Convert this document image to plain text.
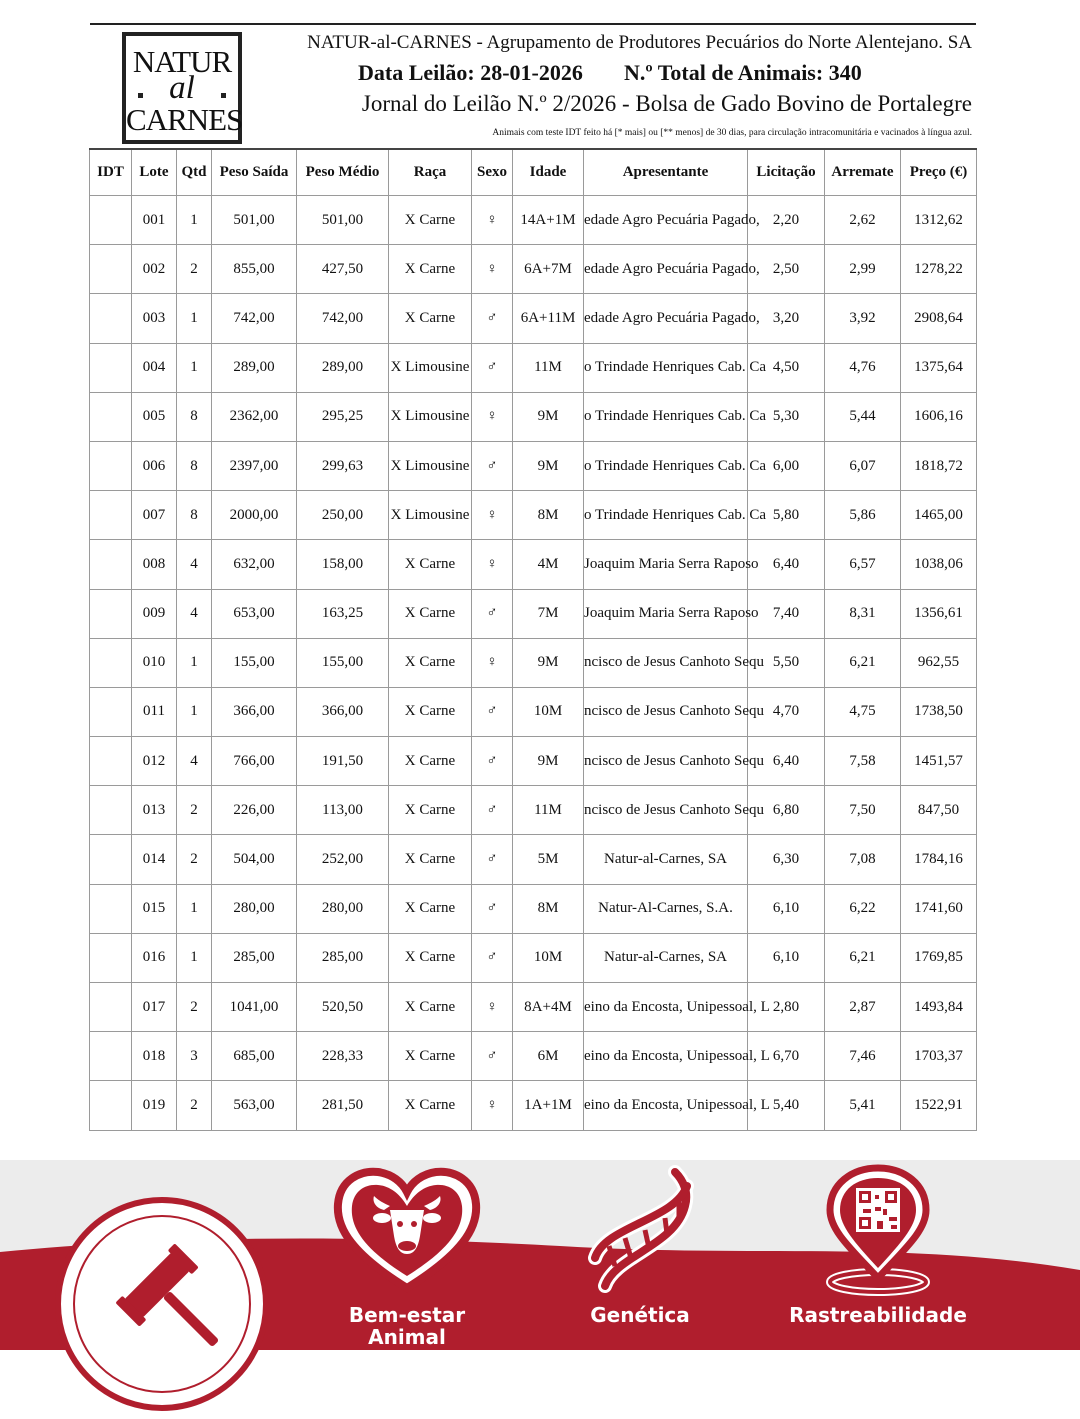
NATUR
al
CARNES
NATUR-al-CARNES - Agrupamento de Produtores Pecuários do Norte Alentejano. SA
Data Leilão: 28-01-2026 N.º Total de Animais: 340
Jornal do Leilão N.º 2/2026 - Bolsa de Gado Bovino de Portalegre
Animais com teste IDT feito há [* mais] ou [** menos] de 30 dias, para circulação intracomunitária e vacinados à língua azul.
IDT	Lote	Qtd	Peso Saída	Peso Médio	Raça	Sexo	Idade	Apresentante	Licitação	Arremate	Preço (€)
	001	1	501,00	501,00	X Carne	♀	14A+1M	edade Agro Pecuária Pagado,	2,20	2,62	1312,62
	002	2	855,00	427,50	X Carne	♀	6A+7M	edade Agro Pecuária Pagado,	2,50	2,99	1278,22
	003	1	742,00	742,00	X Carne	♂	6A+11M	edade Agro Pecuária Pagado,	3,20	3,92	2908,64
	004	1	289,00	289,00	X Limousine	♂	11M	o Trindade Henriques Cab. Ca	4,50	4,76	1375,64
	005	8	2362,00	295,25	X Limousine	♀	9M	o Trindade Henriques Cab. Ca	5,30	5,44	1606,16
	006	8	2397,00	299,63	X Limousine	♂	9M	o Trindade Henriques Cab. Ca	6,00	6,07	1818,72
	007	8	2000,00	250,00	X Limousine	♀	8M	o Trindade Henriques Cab. Ca	5,80	5,86	1465,00
	008	4	632,00	158,00	X Carne	♀	4M	Joaquim Maria Serra Raposo	6,40	6,57	1038,06
	009	4	653,00	163,25	X Carne	♂	7M	Joaquim Maria Serra Raposo	7,40	8,31	1356,61
	010	1	155,00	155,00	X Carne	♀	9M	ncisco de Jesus Canhoto Sequ	5,50	6,21	962,55
	011	1	366,00	366,00	X Carne	♂	10M	ncisco de Jesus Canhoto Sequ	4,70	4,75	1738,50
	012	4	766,00	191,50	X Carne	♂	9M	ncisco de Jesus Canhoto Sequ	6,40	7,58	1451,57
	013	2	226,00	113,00	X Carne	♂	11M	ncisco de Jesus Canhoto Sequ	6,80	7,50	847,50
	014	2	504,00	252,00	X Carne	♂	5M	Natur-al-Carnes, SA	6,30	7,08	1784,16
	015	1	280,00	280,00	X Carne	♂	8M	Natur-Al-Carnes, S.A.	6,10	6,22	1741,60
	016	1	285,00	285,00	X Carne	♂	10M	Natur-al-Carnes, SA	6,10	6,21	1769,85
	017	2	1041,00	520,50	X Carne	♀	8A+4M	eino da Encosta, Unipessoal, L	2,80	2,87	1493,84
	018	3	685,00	228,33	X Carne	♂	6M	eino da Encosta, Unipessoal, L	6,70	7,46	1703,37
	019	2	563,00	281,50	X Carne	♀	1A+1M	eino da Encosta, Unipessoal, L	5,40	5,41	1522,91
Bem-estar
Animal
Genética	Rastreabilidade
